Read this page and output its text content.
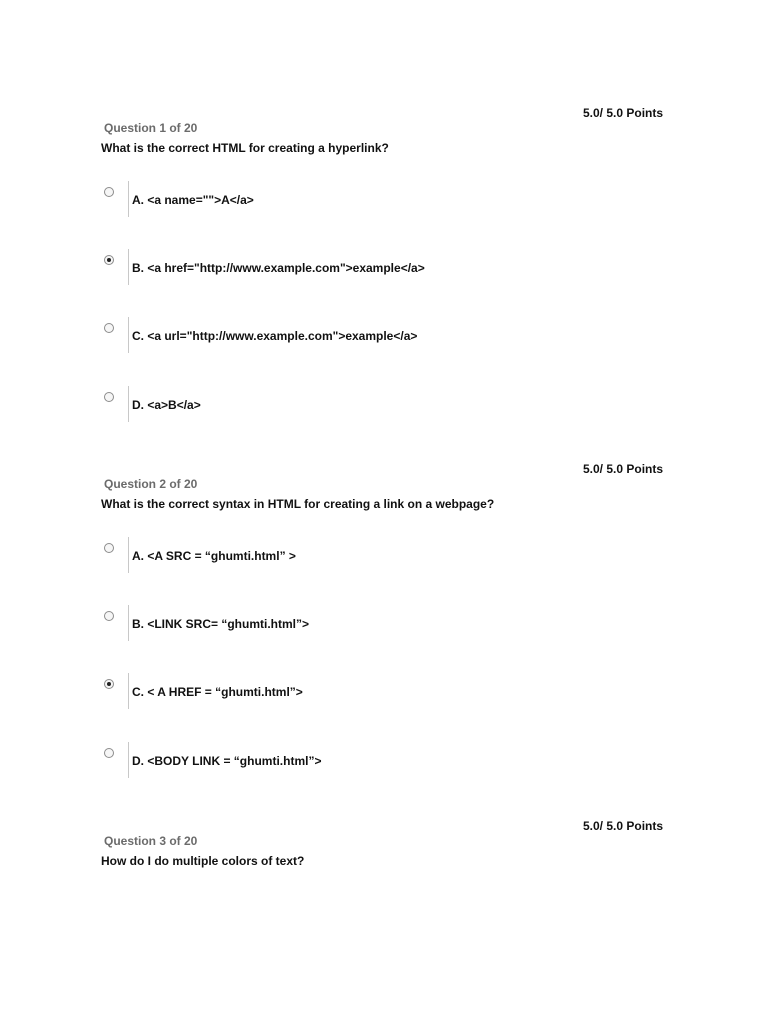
5.0/ 5.0 Points
Question 1 of 20
What is the correct HTML for creating a hyperlink?
A. <a name="">A</a>
B. <a href="http://www.example.com">example</a>
C. <a url="http://www.example.com">example</a>
D. <a>B</a>
5.0/ 5.0 Points
Question 2 of 20
What is the correct syntax in HTML for creating a link on a webpage?
A. <A SRC = “ghumti.html” >
B. <LINK SRC= “ghumti.html”>
C. < A HREF = “ghumti.html”>
D. <BODY LINK = “ghumti.html”>
5.0/ 5.0 Points
Question 3 of 20
How do I do multiple colors of text?
